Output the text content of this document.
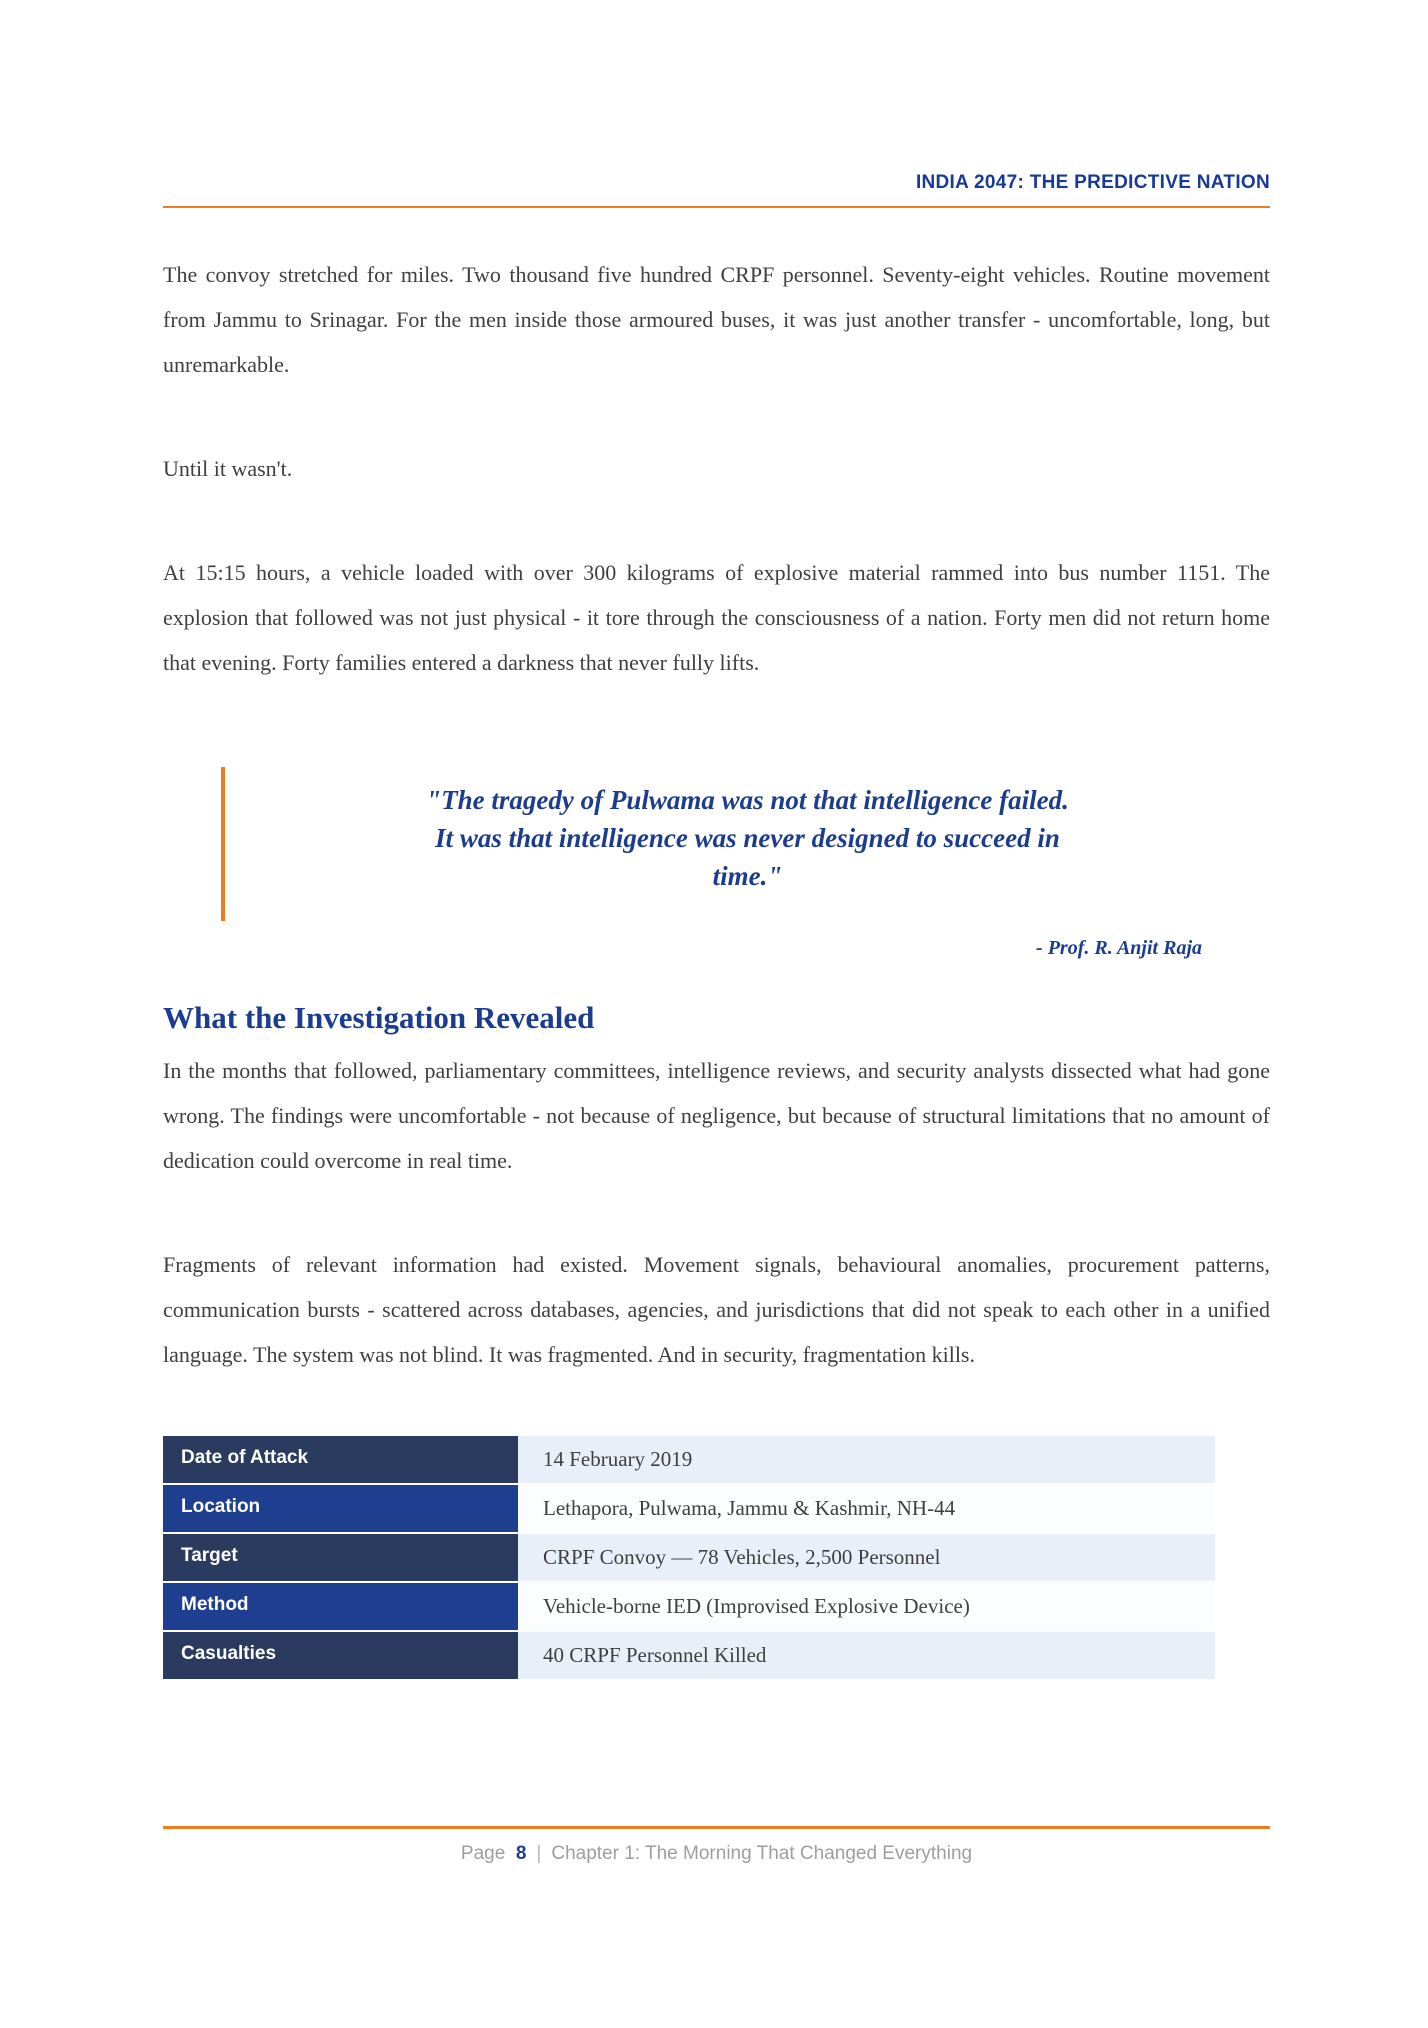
INDIA 2047: THE PREDICTIVE NATION

The convoy stretched for miles. Two thousand five hundred CRPF personnel. Seventy-eight vehicles. Routine movement from Jammu to Srinagar. For the men inside those armoured buses, it was just another transfer - uncomfortable, long, but unremarkable.

Until it wasn't.

At 15:15 hours, a vehicle loaded with over 300 kilograms of explosive material rammed into bus number 1151. The explosion that followed was not just physical - it tore through the consciousness of a nation. Forty men did not return home that evening. Forty families entered a darkness that never fully lifts.

"The tragedy of Pulwama was not that intelligence failed.
It was that intelligence was never designed to succeed in
time."
- Prof. R. Anjit Raja
What the Investigation Revealed

In the months that followed, parliamentary committees, intelligence reviews, and security analysts dissected what had gone wrong. The findings were uncomfortable - not because of negligence, but because of structural limitations that no amount of dedication could overcome in real time.

Fragments of relevant information had existed. Movement signals, behavioural anomalies, procurement patterns, communication bursts - scattered across databases, agencies, and jurisdictions that did not speak to each other in a unified language. The system was not blind. It was fragmented. And in security, fragmentation kills.

Date of Attack	14 February 2019
Location	Lethapora, Pulwama, Jammu & Kashmir, NH-44
Target	CRPF Convoy — 78 Vehicles, 2,500 Personnel
Method	Vehicle-borne IED (Improvised Explosive Device)
Casualties	40 CRPF Personnel Killed
Page 8 | Chapter 1: The Morning That Changed Everything
